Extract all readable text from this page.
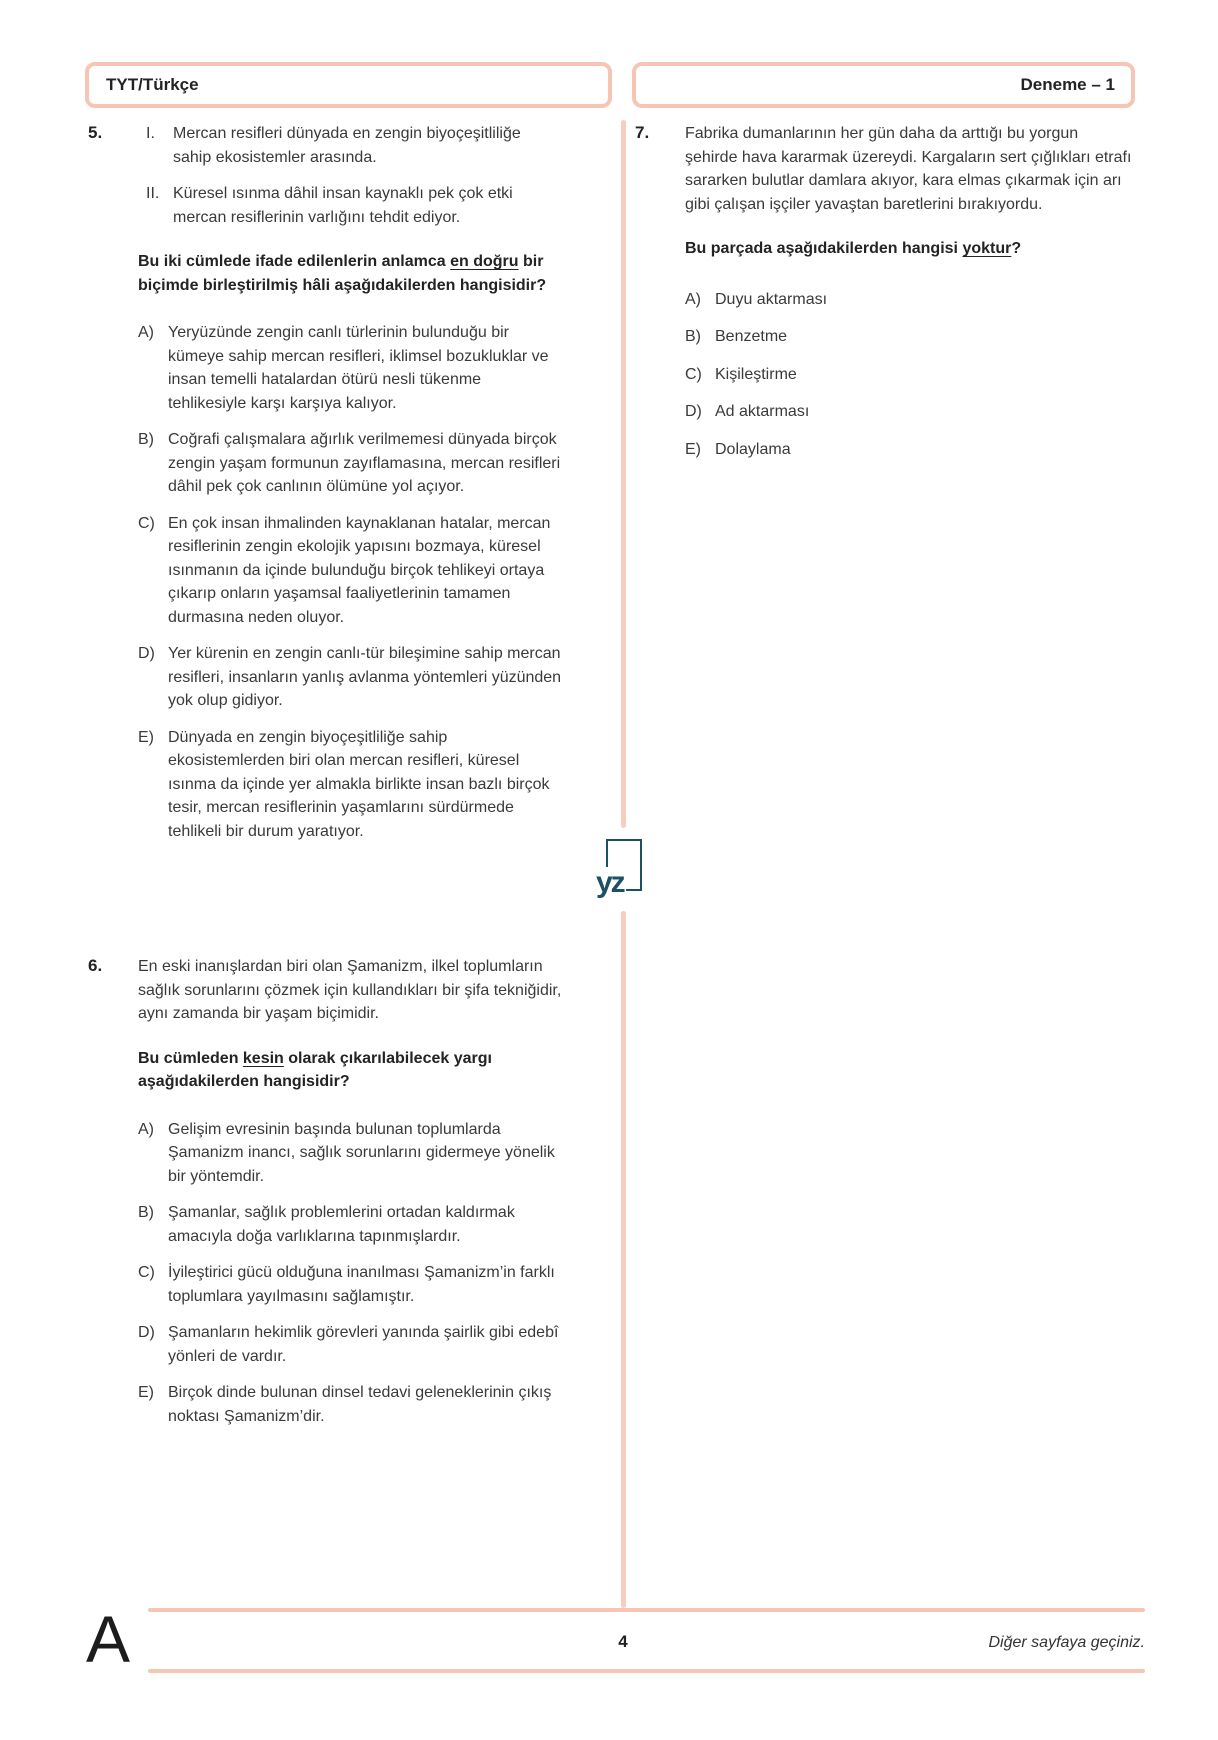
TYT/Türkçe	Deneme – 1
yz
5.	I.	Mercan resifleri dünyada en zengin biyoçeşitliliğe sahip ekosistemler arasında.
II. Küresel ısınma dâhil insan kaynaklı pek çok etki mercan resiflerinin varlığını tehdit ediyor.

Bu iki cümlede ifade edilenlerin anlamca en doğru bir biçimde birleştirilmiş hâli aşağıdakilerden hangisidir?

A) Yeryüzünde zengin canlı türlerinin bulunduğu bir kümeye sahip mercan resifleri, iklimsel bozukluklar ve insan temelli hatalardan ötürü nesli tükenme tehlikesiyle karşı karşıya kalıyor.
B) Coğrafi çalışmalara ağırlık verilmemesi dünyada birçok zengin yaşam formunun zayıflamasına, mercan resifleri dâhil pek çok canlının ölümüne yol açıyor.
C) En çok insan ihmalinden kaynaklanan hatalar, mercan resiflerinin zengin ekolojik yapısını bozmaya, küresel ısınmanın da içinde bulunduğu birçok tehlikeyi ortaya çıkarıp onların yaşamsal faaliyetlerinin tamamen durmasına neden oluyor.
D) Yer kürenin en zengin canlı-tür bileşimine sahip mercan resifleri, insanların yanlış avlanma yöntemleri yüzünden yok olup gidiyor.
E) Dünyada en zengin biyoçeşitliliğe sahip ekosistemlerden biri olan mercan resifleri, küresel ısınma da içinde yer almakla birlikte insan bazlı birçok tesir, mercan resiflerinin yaşamlarını sürdürmede tehlikeli bir durum yaratıyor.
6.	En eski inanışlardan biri olan Şamanizm, ilkel toplumların sağlık sorunlarını çözmek için kullandıkları bir şifa tekniğidir, aynı zamanda bir yaşam biçimidir.

Bu cümleden kesin olarak çıkarılabilecek yargı aşağıdakilerden hangisidir?

A) Gelişim evresinin başında bulunan toplumlarda Şamanizm inancı, sağlık sorunlarını gidermeye yönelik bir yöntemdir.
B) Şamanlar, sağlık problemlerini ortadan kaldırmak amacıyla doğa varlıklarına tapınmışlardır.
C) İyileştirici gücü olduğuna inanılması Şamanizm’in farklı toplumlara yayılmasını sağlamıştır.
D) Şamanların hekimlik görevleri yanında şairlik gibi edebî yönleri de vardır.
E) Birçok dinde bulunan dinsel tedavi geleneklerinin çıkış noktası Şamanizm’dir.
7.	Fabrika dumanlarının her gün daha da arttığı bu yorgun şehirde hava kararmak üzereydi. Kargaların sert çığlıkları etrafı sararken bulutlar damlara akıyor, kara elmas çıkarmak için arı gibi çalışan işçiler yavaştan baretlerini bırakıyordu.

Bu parçada aşağıdakilerden hangisi yoktur?

A) Duyu aktarması
B) Benzetme
C) Kişileştirme
D) Ad aktarması
E) Dolaylama
A	4	Diğer sayfaya geçiniz.
